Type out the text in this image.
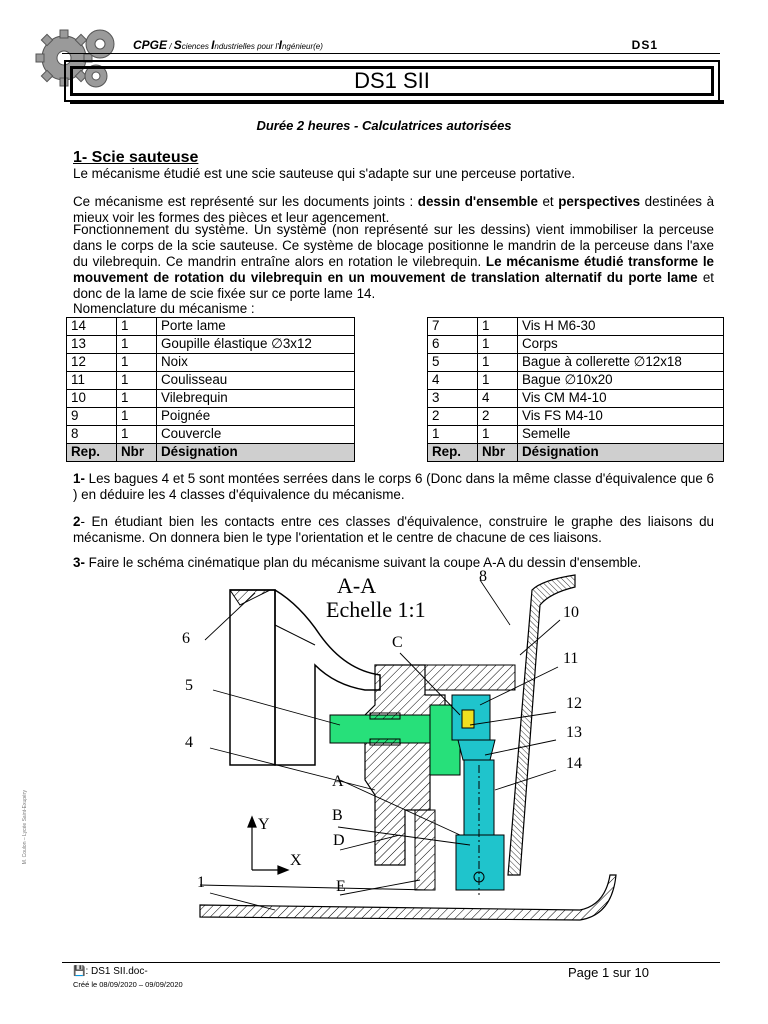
CPGE / Sciences Industrielles pour l'Ingénieur(e)	DS1
DS1 SII
Durée 2 heures - Calculatrices autorisées
1- Scie sauteuse

Le mécanisme étudié est une scie sauteuse qui s'adapte sur une perceuse portative.

Ce mécanisme est représenté sur les documents joints : dessin d'ensemble et perspectives destinées à mieux voir les formes des pièces et leur agencement.

Fonctionnement du système. Un système (non représenté sur les dessins) vient immobiliser la perceuse dans le corps de la scie sauteuse. Ce système de blocage positionne le mandrin de la perceuse dans l'axe du vilebrequin. Ce mandrin entraîne alors en rotation le vilebrequin. Le mécanisme étudié transforme le mouvement de rotation du vilebrequin en un mouvement de translation alternatif du porte lame et donc de la lame de scie fixée sur ce porte lame 14.

Nomenclature du mécanisme :

14	1	Porte lame
13	1	Goupille élastique ∅3x12
12	1	Noix
11	1	Coulisseau
10	1	Vilebrequin
9	1	Poignée
8	1	Couvercle
Rep.	Nbr	Désignation
7	1	Vis H M6-30
6	1	Corps
5	1	Bague à collerette ∅12x18
4	1	Bague ∅10x20
3	4	Vis CM M4-10
2	2	Vis FS M4-10
1	1	Semelle
Rep.	Nbr	Désignation
1- Les bagues 4 et 5 sont montées serrées dans le corps 6 (Donc dans la même classe d'équivalence que 6 ) en déduire les 4 classes d'équivalence du mécanisme.
2- En étudiant bien les contacts entre ces classes d'équivalence, construire le graphe des liaisons du mécanisme. On donnera bien le type l'orientation et le centre de chacune de ces liaisons.
3- Faire le schéma cinématique plan du mécanisme suivant la coupe A-A du dessin d'ensemble.
A-A
Echelle 1:1
8
10
6	C
11
5
12
13
4
14
A
B
Y
D
X
1	E
M. Coulon – Lycée Saint-Exupéry
💾: DS1 SII.doc-
Créé le 08/09/2020 – 09/09/2020
Page 1 sur 10
